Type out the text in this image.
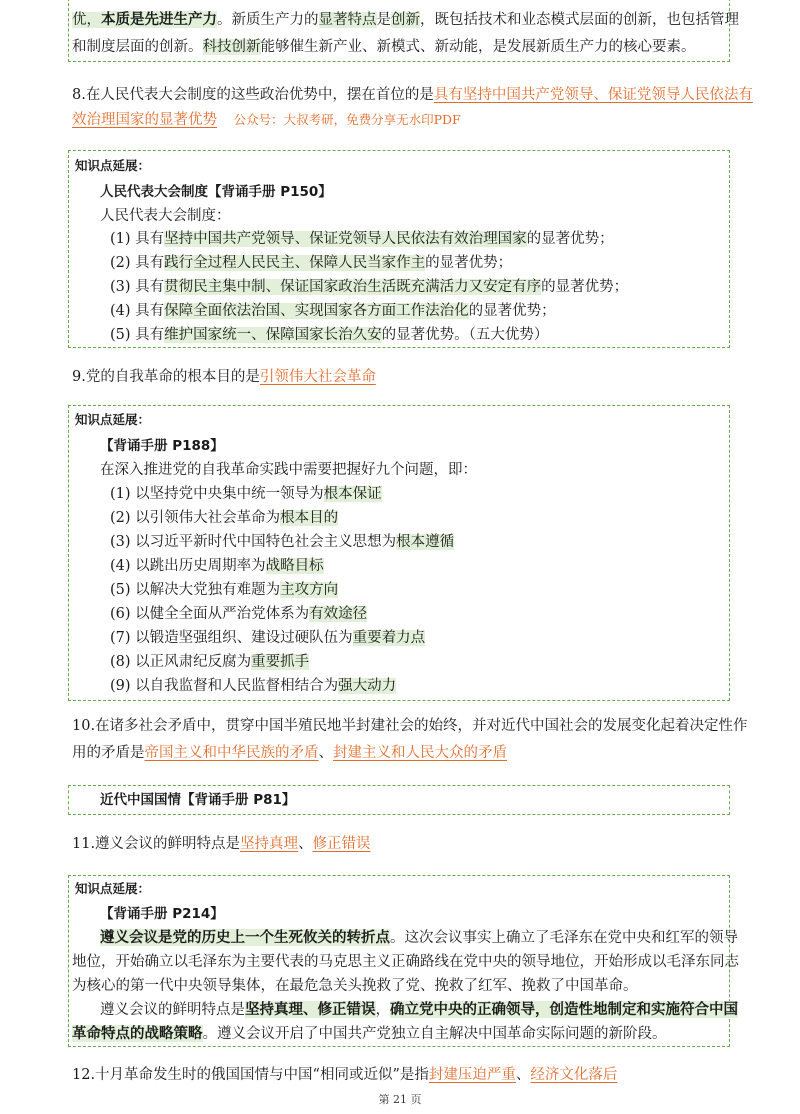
优，本质是先进生产力。新质生产力的显著特点是创新，既包括技术和业态模式层面的创新，也包括管理
和制度层面的创新。科技创新能够催生新产业、新模式、新动能，是发展新质生产力的核心要素。
8.在人民代表大会制度的这些政治优势中，摆在首位的是具有坚持中国共产党领导、保证党领导人民依法有
效治理国家的显著优势 公众号：大叔考研，免费分享无水印PDF
知识点延展：
人民代表大会制度【背诵手册 P150】
人民代表大会制度：
(1) 具有坚持中国共产党领导、保证党领导人民依法有效治理国家的显著优势；
(2) 具有践行全过程人民民主、保障人民当家作主的显著优势；
(3) 具有贯彻民主集中制、保证国家政治生活既充满活力又安定有序的显著优势；
(4) 具有保障全面依法治国、实现国家各方面工作法治化的显著优势；
(5) 具有维护国家统一、保障国家长治久安的显著优势。（五大优势）
9.党的自我革命的根本目的是引领伟大社会革命
知识点延展：
【背诵手册 P188】
在深入推进党的自我革命实践中需要把握好九个问题，即：
(1) 以坚持党中央集中统一领导为根本保证
(2) 以引领伟大社会革命为根本目的
(3) 以习近平新时代中国特色社会主义思想为根本遵循
(4) 以跳出历史周期率为战略目标
(5) 以解决大党独有难题为主攻方向
(6) 以健全全面从严治党体系为有效途径
(7) 以锻造坚强组织、建设过硬队伍为重要着力点
(8) 以正风肃纪反腐为重要抓手
(9) 以自我监督和人民监督相结合为强大动力
10.在诸多社会矛盾中，贯穿中国半殖民地半封建社会的始终，并对近代中国社会的发展变化起着决定性作
用的矛盾是帝国主义和中华民族的矛盾、封建主义和人民大众的矛盾
近代中国国情【背诵手册 P81】
11.遵义会议的鲜明特点是坚持真理、修正错误
知识点延展：
【背诵手册 P214】
遵义会议是党的历史上一个生死攸关的转折点。这次会议事实上确立了毛泽东在党中央和红军的领导
地位，开始确立以毛泽东为主要代表的马克思主义正确路线在党中央的领导地位，开始形成以毛泽东同志
为核心的第一代中央领导集体，在最危急关头挽救了党、挽救了红军、挽救了中国革命。
遵义会议的鲜明特点是坚持真理、修正错误，确立党中央的正确领导，创造性地制定和实施符合中国
革命特点的战略策略。遵义会议开启了中国共产党独立自主解决中国革命实际问题的新阶段。
12.十月革命发生时的俄国国情与中国“相同或近似”是指封建压迫严重、经济文化落后
第 21 页
